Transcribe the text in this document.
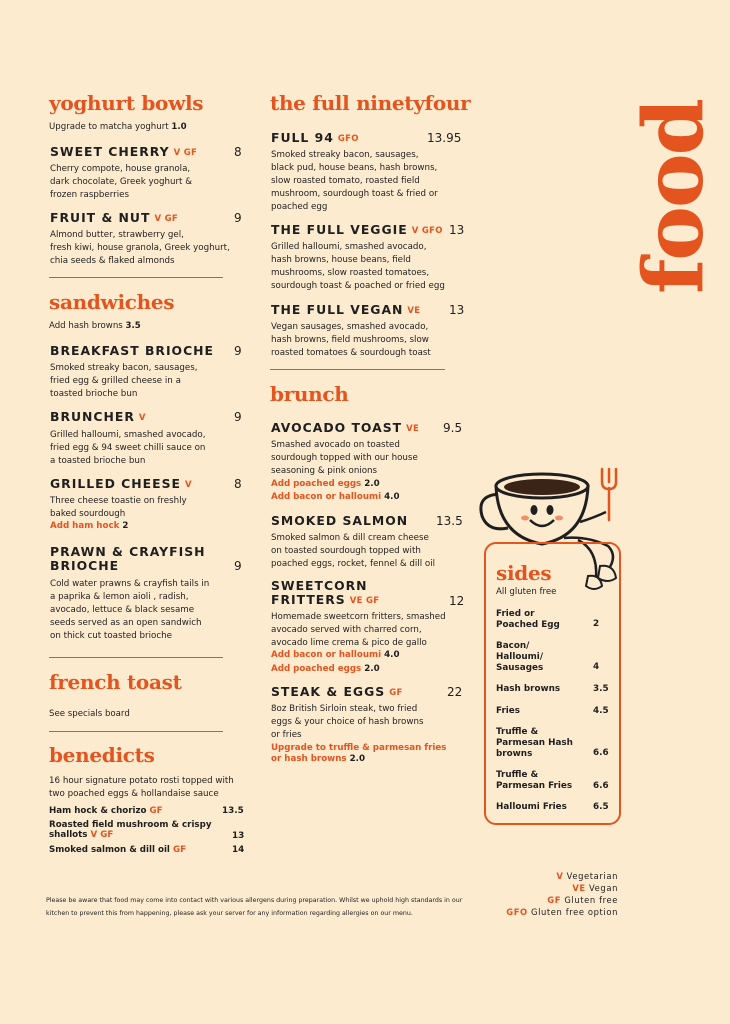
food
yoghurt bowls
Upgrade to matcha yoghurt 1.0
SWEET CHERRY V GF	8
Cherry compote, house granola,
dark chocolate, Greek yoghurt &
frozen raspberries
FRUIT & NUT V GF	9
Almond butter, strawberry gel,
fresh kiwi, house granola, Greek yoghurt,
chia seeds & flaked almonds
sandwiches
Add hash browns 3.5
BREAKFAST BRIOCHE 9
Smoked streaky bacon, sausages,
fried egg & grilled cheese in a
toasted brioche bun
BRUNCHER V	9
Grilled halloumi, smashed avocado,
fried egg & 94 sweet chilli sauce on
a toasted brioche bun
GRILLED CHEESE V	8
Three cheese toastie on freshly
baked sourdough
Add ham hock 2
PRAWN & CRAYFISH
BRIOCHE	9
Cold water prawns & crayfish tails in
a paprika & lemon aioli , radish,
avocado, lettuce & black sesame
seeds served as an open sandwich
on thick cut toasted brioche
french toast
See specials board
benedicts
16 hour signature potato rosti topped with
two poached eggs & hollandaise sauce
Ham hock & chorizo GF	13.5
Roasted field mushroom & crispy
shallots V GF	13
Smoked salmon & dill oil GF	14
the full ninetyfour
FULL 94 GFO	13.95
Smoked streaky bacon, sausages,
black pud, house beans, hash browns,
slow roasted tomato, roasted field
mushroom, sourdough toast & fried or
poached egg
THE FULL VEGGIE V GFO 13
Grilled halloumi, smashed avocado,
hash browns, house beans, field
mushrooms, slow roasted tomatoes,
sourdough toast & poached or fried egg
THE FULL VEGAN VE 13
Vegan sausages, smashed avocado,
hash browns, field mushrooms, slow
roasted tomatoes & sourdough toast
brunch
AVOCADO TOAST VE 9.5
Smashed avocado on toasted
sourdough topped with our house
seasoning & pink onions
Add poached eggs 2.0
Add bacon or halloumi 4.0
SMOKED SALMON 13.5
Smoked salmon & dill cream cheese
on toasted sourdough topped with
poached eggs, rocket, fennel & dill oil
SWEETCORN
FRITTERS VE GF	12
Homemade sweetcorn fritters, smashed
avocado served with charred corn,
avocado lime crema & pico de gallo
Add bacon or halloumi 4.0
Add poached eggs 2.0
STEAK & EGGS GF	22
8oz British Sirloin steak, two fried
eggs & your choice of hash browns
or fries
Upgrade to truffle & parmesan fries
or hash browns 2.0
sides
All gluten free
Fried or
Poached Egg	2
Bacon/
Halloumi/
Sausages	4
Hash browns	3.5
Fries	4.5
Truffle &
Parmesan Hash
browns	6.6
Truffle &
Parmesan Fries 6.6
Halloumi Fries	6.5
V Vegetarian
VE Vegan
GF Gluten free
GFO Gluten free option
Please be aware that food may come into contact with various allergens during preparation. Whilst we uphold high standards in our
kitchen to prevent this from happening, please ask your server for any information regarding allergies on our menu.
